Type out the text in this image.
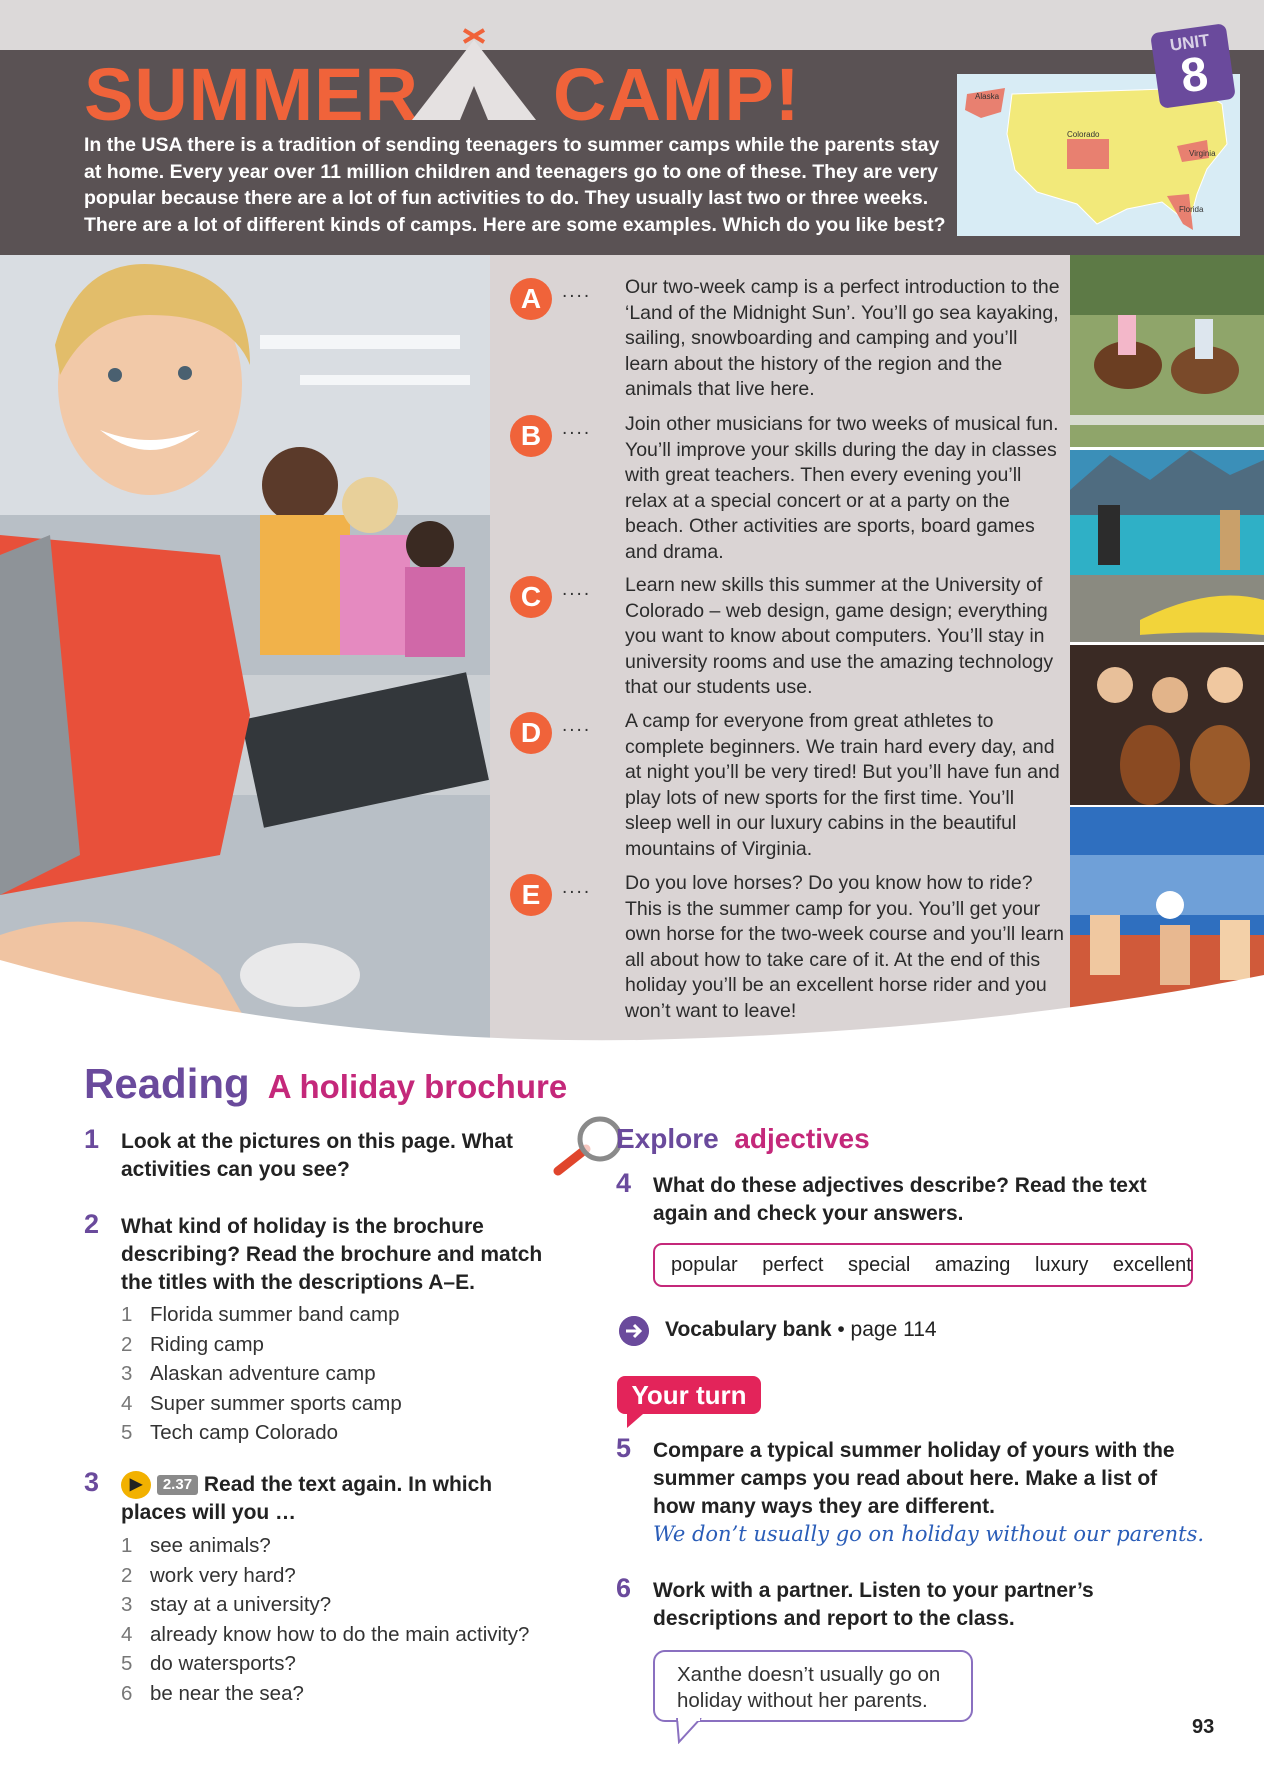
SUMMER CAMP!

In the USA there is a tradition of sending teenagers to summer camps while the parents stay at home. Every year over 11 million children and teenagers go to one of these. They are very popular because there are a lot of fun activities to do. They usually last two or three weeks. There are a lot of different kinds of camps. Here are some examples. Which do you like best?

Alaska
Colorado
Virginia
Florida
UNIT
8
A	.... Our two-week camp is a perfect introduction to the ‘Land of the Midnight Sun’. You’ll go sea kayaking, sailing, snowboarding and camping and you’ll learn about the history of the region and the animals that live here.

B	.... Join other musicians for two weeks of musical fun. You’ll improve your skills during the day in classes with great teachers. Then every evening you’ll relax at a special concert or at a party on the beach. Other activities are sports, board games and drama.

C	.... Learn new skills this summer at the University of Colorado – web design, game design; everything you want to know about computers. You’ll stay in university rooms and use the amazing technology that our students use.

D	.... A camp for everyone from great athletes to complete beginners. We train hard every day, and at night you’ll be very tired! But you’ll have fun and play lots of new sports for the first time. You’ll sleep well in our luxury cabins in the beautiful mountains of Virginia.

E	.... Do you love horses? Do you know how to ride? This is the summer camp for you. You’ll get your own horse for the two-week course and you’ll learn all about how to take care of it. At the end of this holiday you’ll be an excellent horse rider and you won’t want to leave!

Reading A holiday brochure
1 Look at the pictures on this page. What activities can you see?
2 What kind of holiday is the brochure describing? Read the brochure and match the titles with the descriptions A–E.
1 Florida summer band camp
2 Riding camp
3 Alaskan adventure camp
4 Super summer sports camp
5 Tech camp Colorado
3	▶ 2.37 Read the text again. In which
places will you …
1 see animals?
2 work very hard?
3 stay at a university?
4 already know how to do the main activity?
5 do watersports?
6 be near the sea?
Explore adjectives
4 What do these adjectives describe? Read the text again and check your answers.
popular perfect special amazing luxury excellent
Vocabulary bank • page 114
Your turn
5 Compare a typical summer holiday of yours with the summer camps you read about here. Make a list of how many ways they are different.
We don’t usually go on holiday without our parents.
6 Work with a partner. Listen to your partner’s descriptions and report to the class.
Xanthe doesn’t usually go on holiday without her parents.
93
